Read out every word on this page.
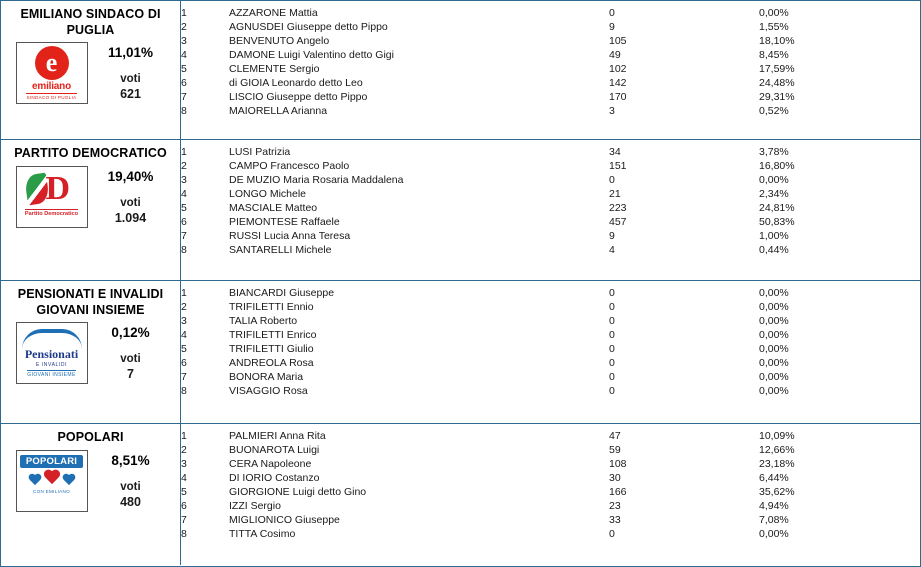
EMILIANO SINDACO DI PUGLIA
e
emiliano
SINDACO DI PUGLIA
11,01%
voti
621
1	AZZARONE Mattia	0	0,00%
2	AGNUSDEI Giuseppe detto Pippo	9	1,55%
3	BENVENUTO Angelo	105	18,10%
4	DAMONE Luigi Valentino detto Gigi	49	8,45%
5	CLEMENTE Sergio	102	17,59%
6	di GIOIA Leonardo detto Leo	142	24,48%
7	LISCIO Giuseppe detto Pippo	170	29,31%
8	MAIORELLA Arianna	3	0,52%
PARTITO DEMOCRATICO
D
Partito Democratico
19,40%
voti
1.094
1	LUSI Patrizia	34	3,78%
2	CAMPO Francesco Paolo	151	16,80%
3	DE MUZIO Maria Rosaria Maddalena	0	0,00%
4	LONGO Michele	21	2,34%
5	MASCIALE Matteo	223	24,81%
6	PIEMONTESE Raffaele	457	50,83%
7	RUSSI Lucia Anna Teresa	9	1,00%
8	SANTARELLI Michele	4	0,44%
PENSIONATI E INVALIDI GIOVANI INSIEME
Pensionati
E INVALIDI
GIOVANI INSIEME
0,12%
voti
7
1	BIANCARDI Giuseppe	0	0,00%
2	TRIFILETTI Ennio	0	0,00%
3	TALIA Roberto	0	0,00%
4	TRIFILETTI Enrico	0	0,00%
5	TRIFILETTI Giulio	0	0,00%
6	ANDREOLA Rosa	0	0,00%
7	BONORA Maria	0	0,00%
8	VISAGGIO Rosa	0	0,00%
POPOLARI
POPOLARI
CON EMILIANO
8,51%
voti
480
1	PALMIERI Anna Rita	47	10,09%
2	BUONAROTA Luigi	59	12,66%
3	CERA Napoleone	108	23,18%
4	DI IORIO Costanzo	30	6,44%
5	GIORGIONE Luigi detto Gino	166	35,62%
6	IZZI Sergio	23	4,94%
7	MIGLIONICO Giuseppe	33	7,08%
8	TITTA Cosimo	0	0,00%
